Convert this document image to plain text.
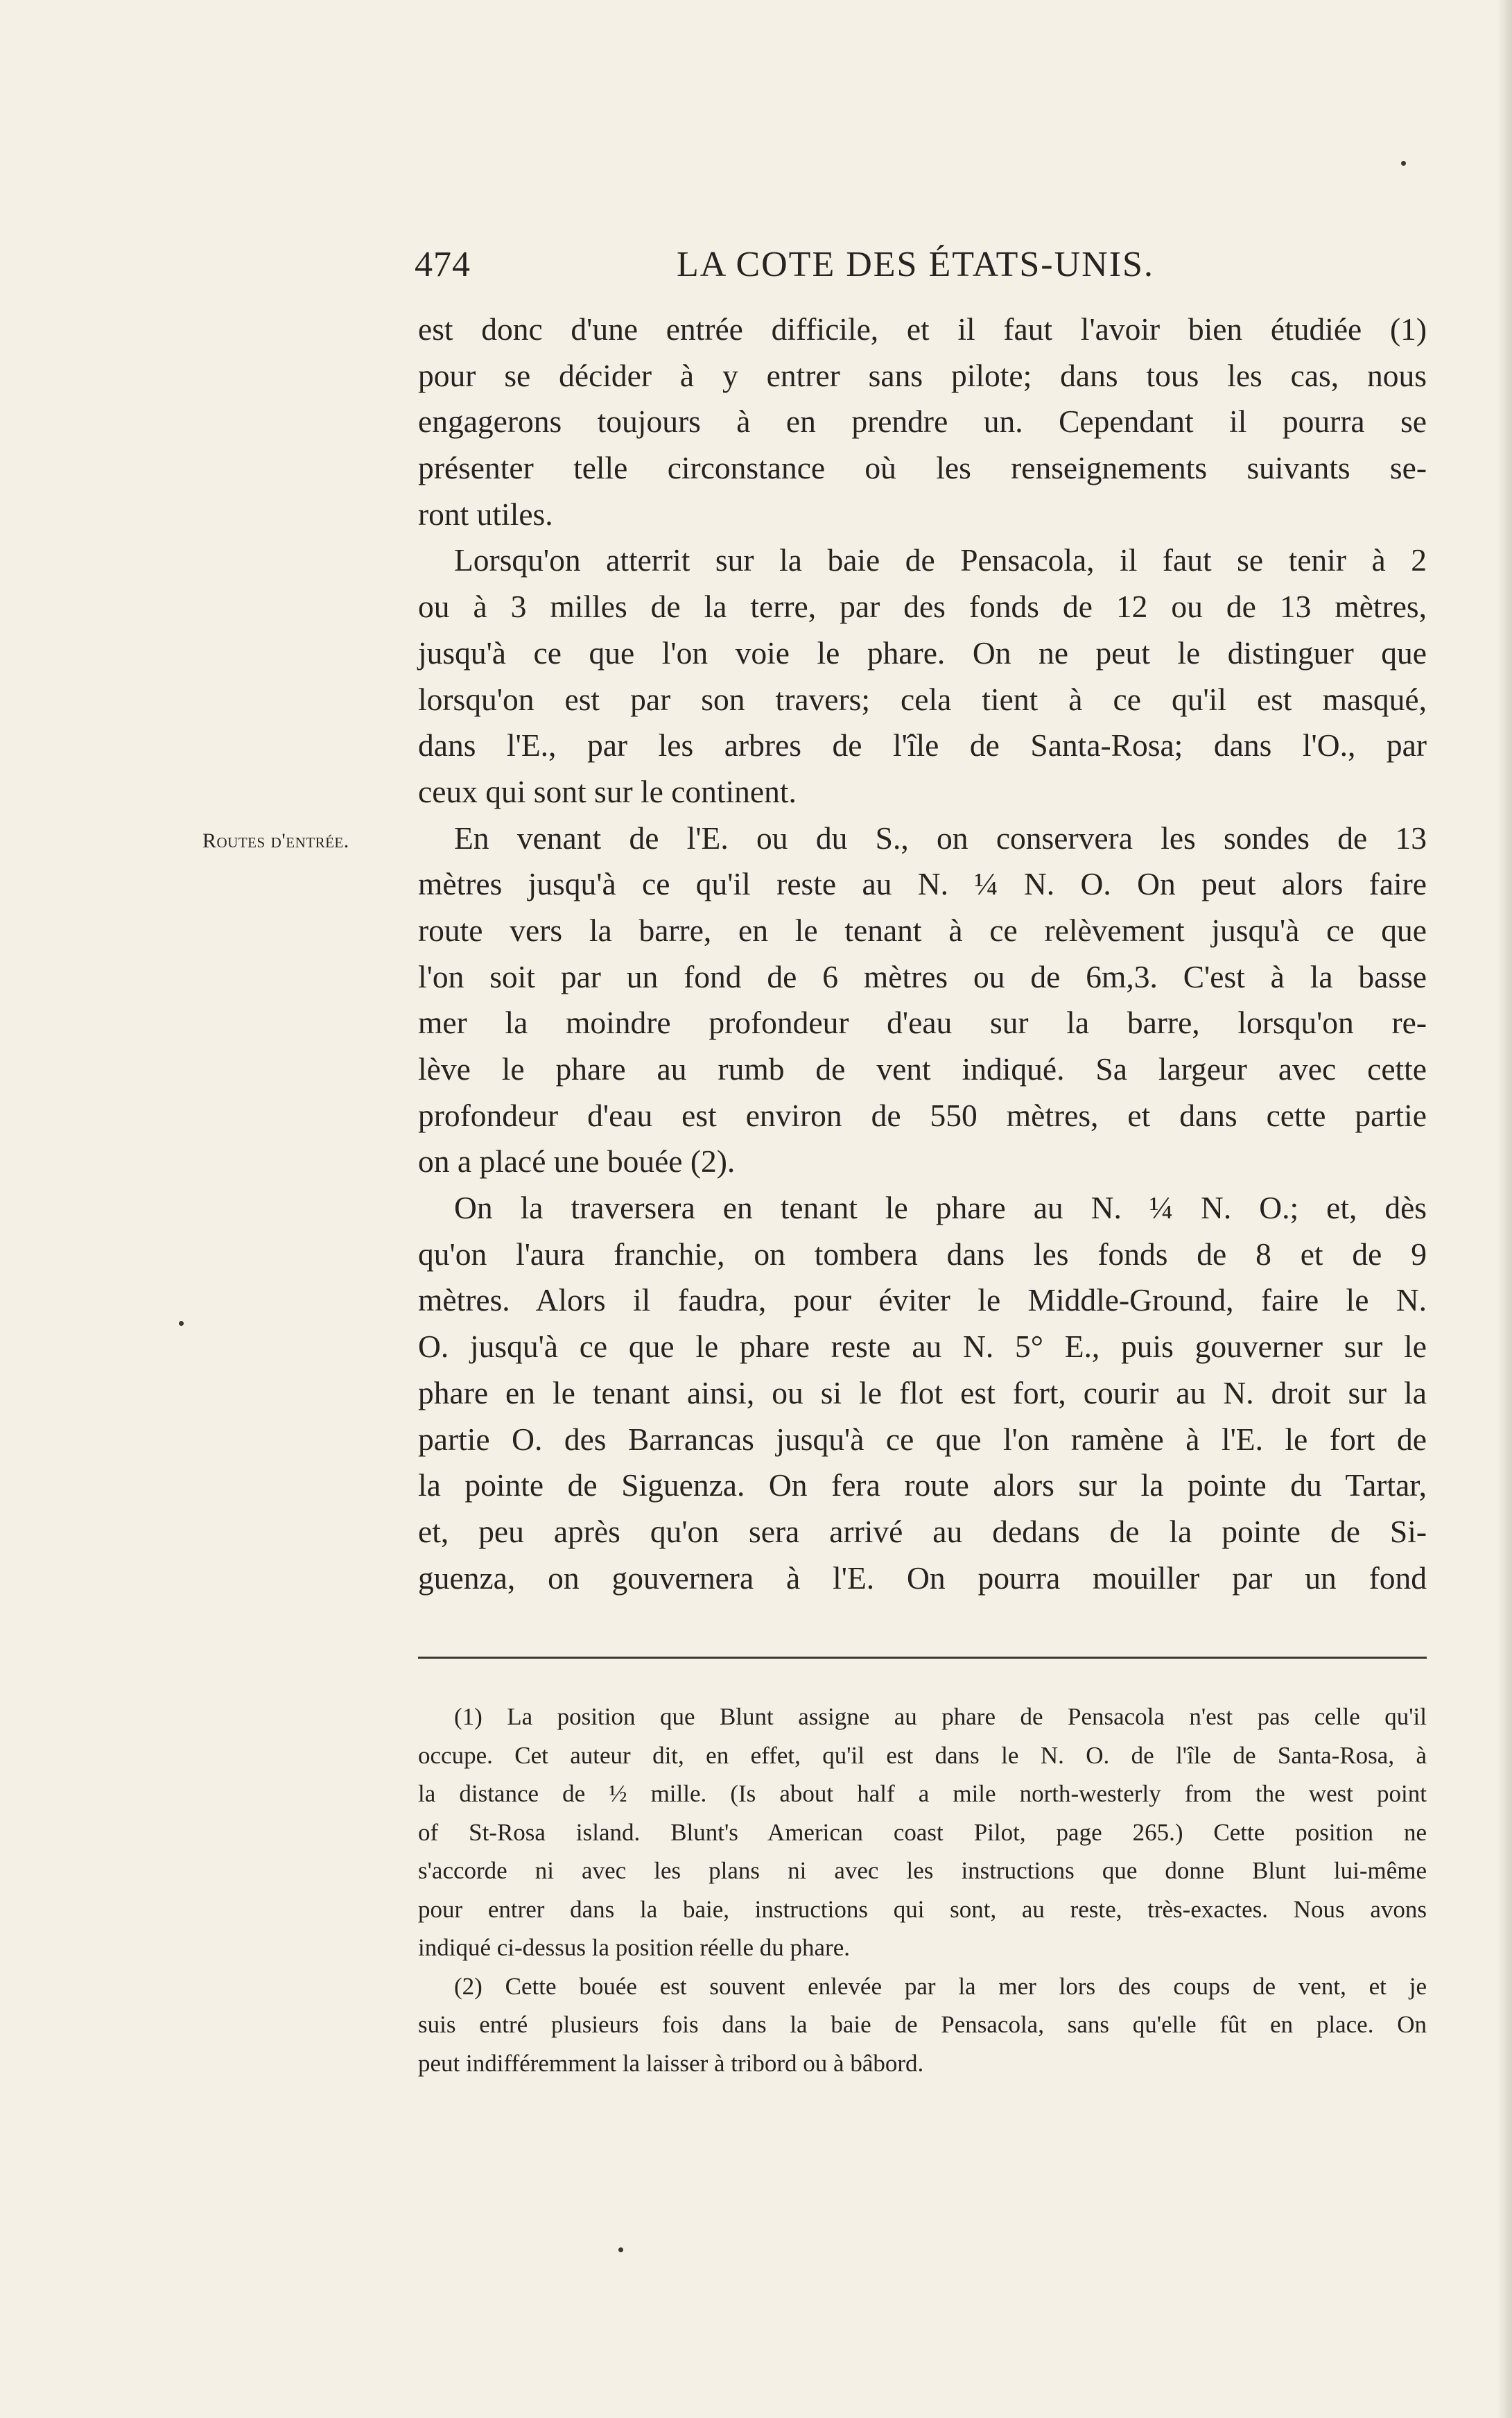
474	LA COTE DES ÉTATS-UNIS.
Routes d'entrée.
est donc d'une entrée difficile, et il faut l'avoir bien étudiée (1)
pour se décider à y entrer sans pilote; dans tous les cas, nous
engagerons toujours à en prendre un. Cependant il pourra se
présenter telle circonstance où les renseignements suivants se-
ront utiles.
Lorsqu'on atterrit sur la baie de Pensacola, il faut se tenir à 2
ou à 3 milles de la terre, par des fonds de 12 ou de 13 mètres,
jusqu'à ce que l'on voie le phare. On ne peut le distinguer que
lorsqu'on est par son travers; cela tient à ce qu'il est masqué,
dans l'E., par les arbres de l'île de Santa-Rosa; dans l'O., par
ceux qui sont sur le continent.
En venant de l'E. ou du S., on conservera les sondes de 13
mètres jusqu'à ce qu'il reste au N. ¼ N. O. On peut alors faire
route vers la barre, en le tenant à ce relèvement jusqu'à ce que
l'on soit par un fond de 6 mètres ou de 6m,3. C'est à la basse
mer la moindre profondeur d'eau sur la barre, lorsqu'on re-
lève le phare au rumb de vent indiqué. Sa largeur avec cette
profondeur d'eau est environ de 550 mètres, et dans cette partie
on a placé une bouée (2).
On la traversera en tenant le phare au N. ¼ N. O.; et, dès
qu'on l'aura franchie, on tombera dans les fonds de 8 et de 9
mètres. Alors il faudra, pour éviter le Middle-Ground, faire le N.
O. jusqu'à ce que le phare reste au N. 5° E., puis gouverner sur le
phare en le tenant ainsi, ou si le flot est fort, courir au N. droit sur la
partie O. des Barrancas jusqu'à ce que l'on ramène à l'E. le fort de
la pointe de Siguenza. On fera route alors sur la pointe du Tartar,
et, peu après qu'on sera arrivé au dedans de la pointe de Si-
guenza, on gouvernera à l'E. On pourra mouiller par un fond
(1) La position que Blunt assigne au phare de Pensacola n'est pas celle qu'il
occupe. Cet auteur dit, en effet, qu'il est dans le N. O. de l'île de Santa-Rosa, à
la distance de ½ mille. (Is about half a mile north-westerly from the west point
of St-Rosa island. Blunt's American coast Pilot, page 265.) Cette position ne
s'accorde ni avec les plans ni avec les instructions que donne Blunt lui-même
pour entrer dans la baie, instructions qui sont, au reste, très-exactes. Nous avons
indiqué ci-dessus la position réelle du phare.
(2) Cette bouée est souvent enlevée par la mer lors des coups de vent, et je
suis entré plusieurs fois dans la baie de Pensacola, sans qu'elle fût en place. On
peut indifféremment la laisser à tribord ou à bâbord.
